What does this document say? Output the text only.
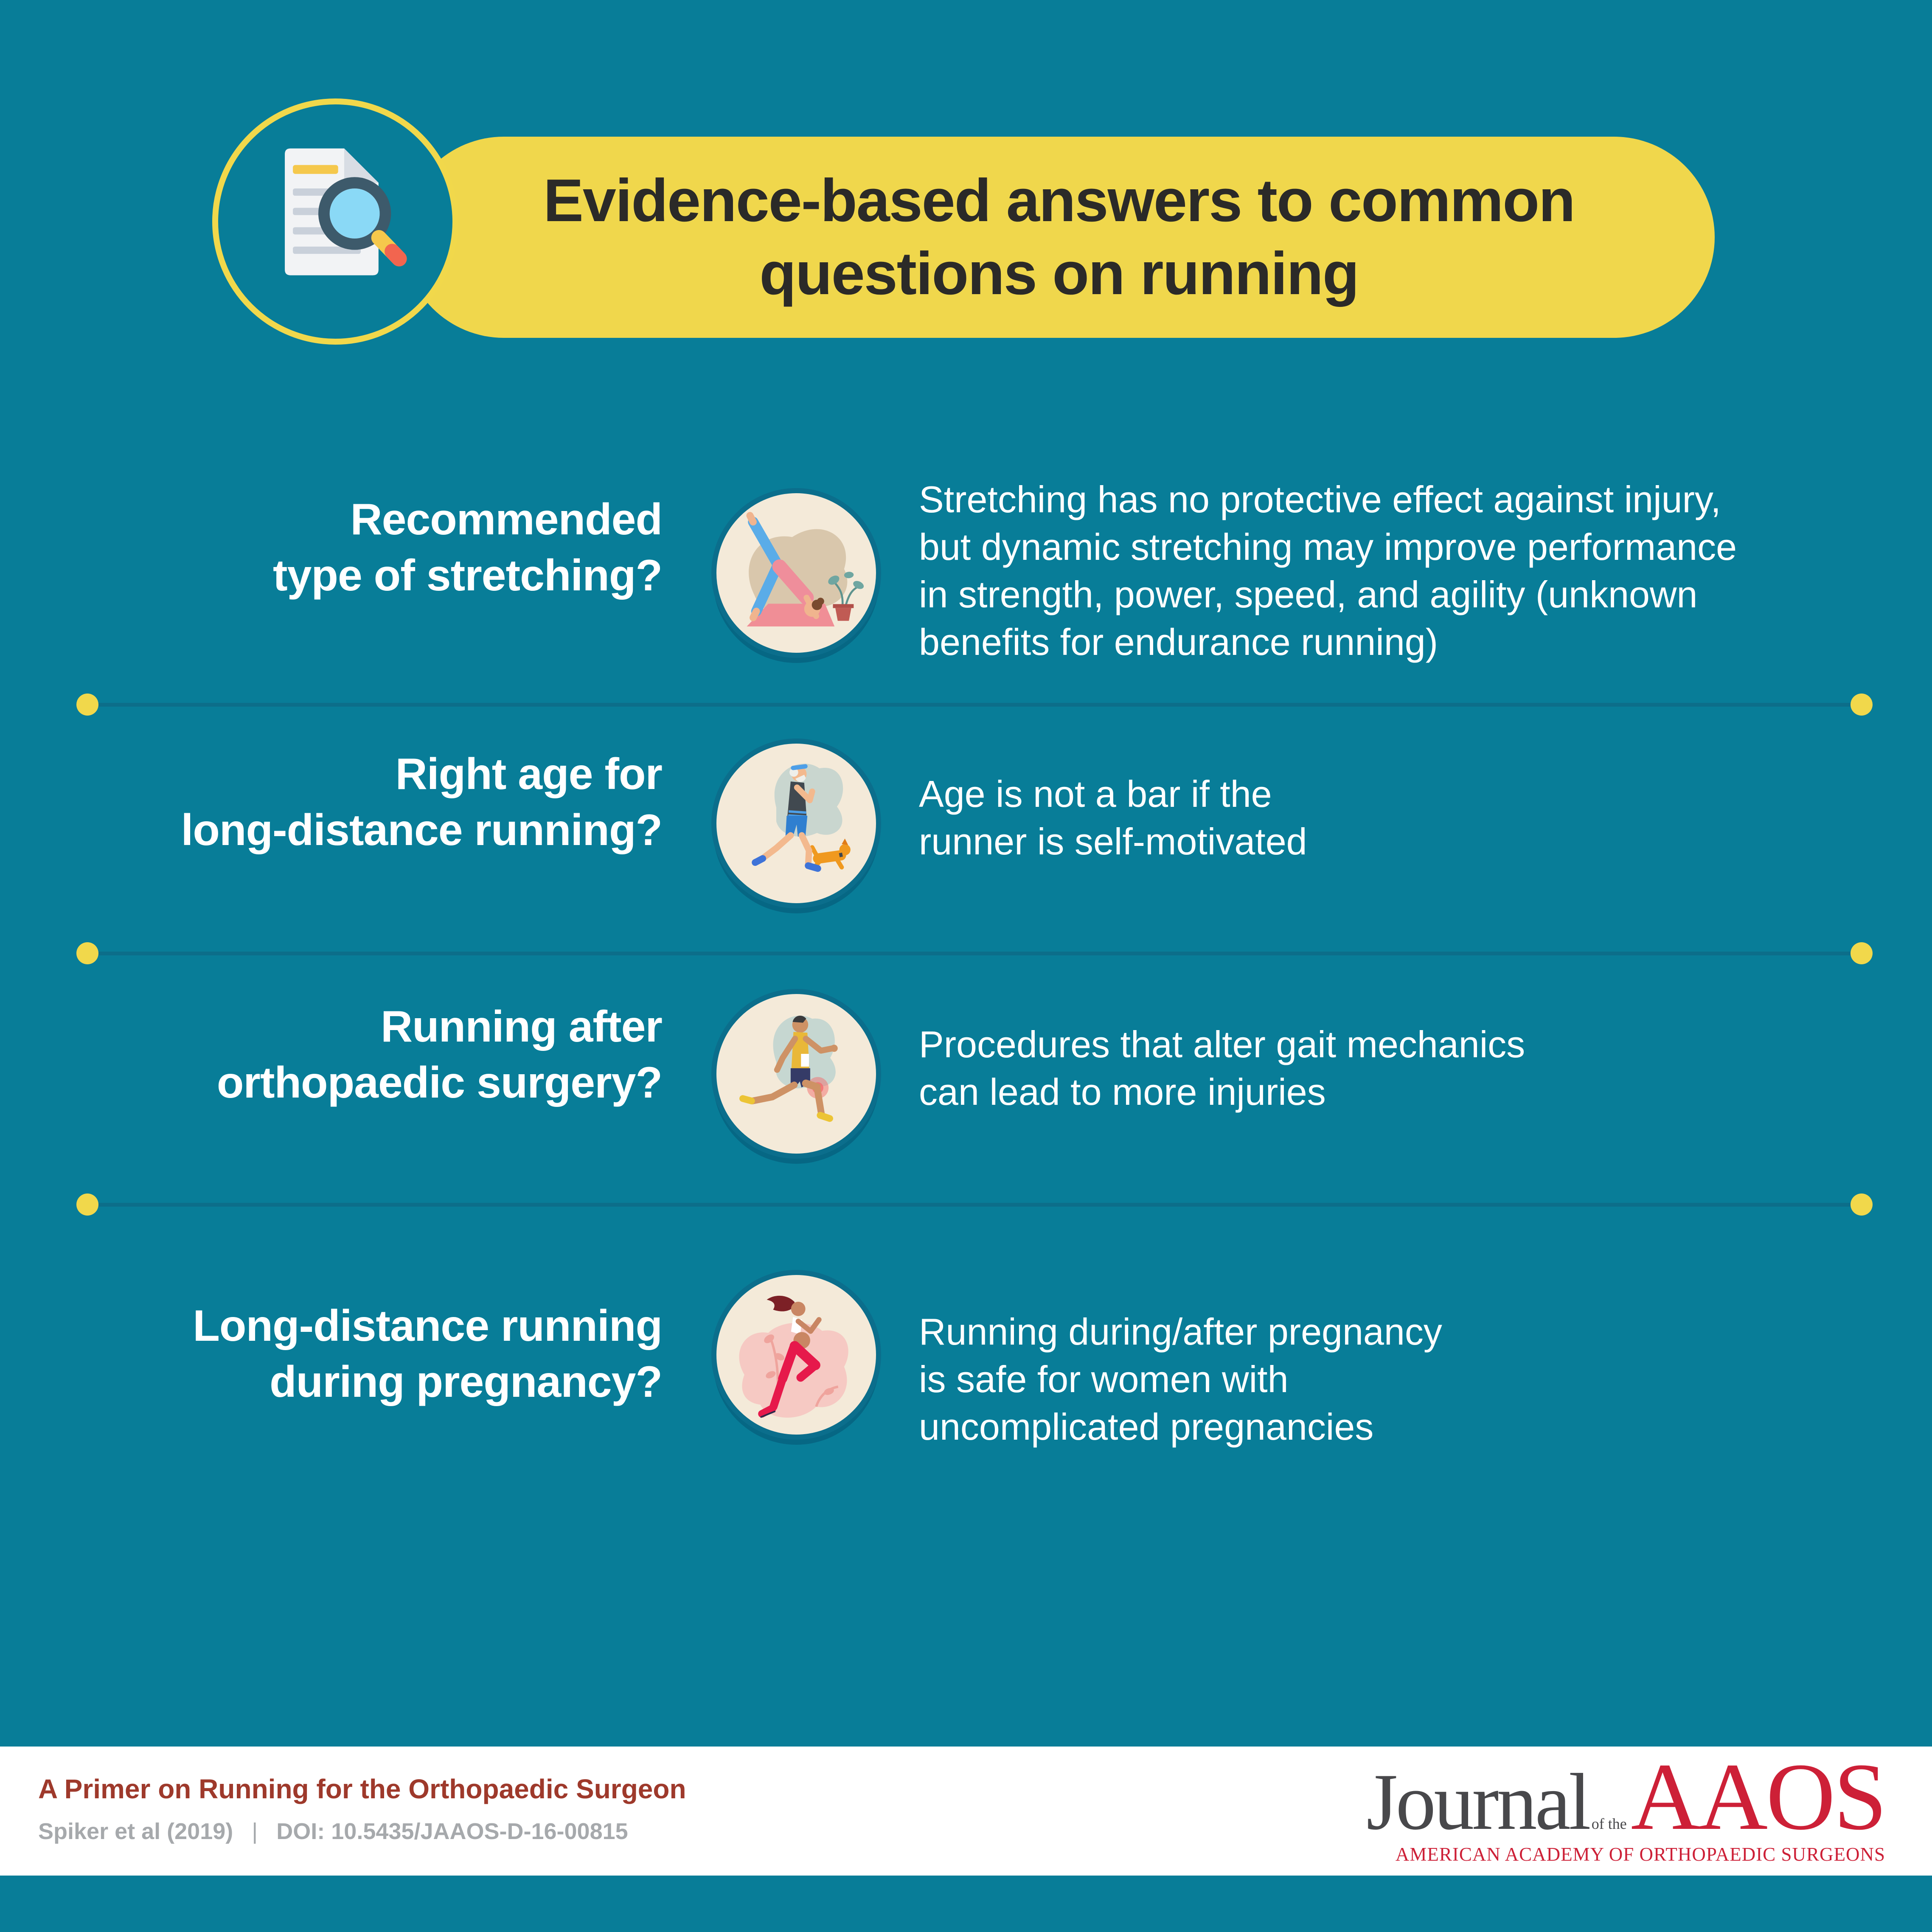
Evidence-based answers to common
questions on running
Recommended
type of stretching?
Stretching has no protective effect against injury,
but dynamic stretching may improve performance
in strength, power, speed, and agility (unknown
benefits for endurance running)
Right age for
long-distance running?
Age is not a bar if the
runner is self-motivated
Running after
orthopaedic surgery?
Procedures that alter gait mechanics
can lead to more injuries
Long-distance running
during pregnancy?
Running during/after pregnancy
is safe for women with
uncomplicated pregnancies
A Primer on Running for the Orthopaedic Surgeon
Spiker et al (2019) | DOI: 10.5435/JAAOS-D-16-00815	Journal of the AAOS
AMERICAN ACADEMY OF ORTHOPAEDIC SURGEONS
